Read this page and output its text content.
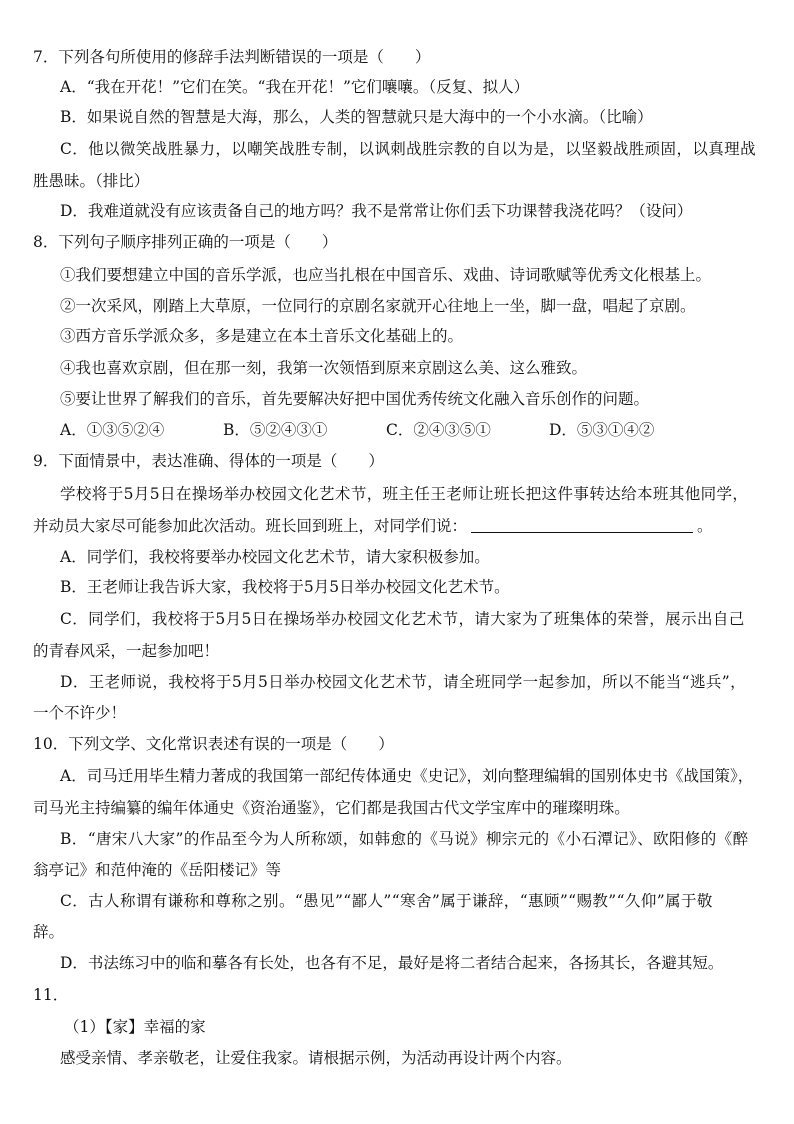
7．下列各句所使用的修辞手法判断错误的一项是（　　）
A．“我在开花！”它们在笑。“我在开花！”它们嚷嚷。（反复、拟人）
B．如果说自然的智慧是大海，那么，人类的智慧就只是大海中的一个小水滴。（比喻）
C．他以微笑战胜暴力，以嘲笑战胜专制，以讽刺战胜宗教的自以为是，以坚毅战胜顽固，以真理战
胜愚昧。（排比）
D．我难道就没有应该责备自己的地方吗？我不是常常让你们丢下功课替我浇花吗？（设问）
8．下列句子顺序排列正确的一项是（　　）
①我们要想建立中国的音乐学派，也应当扎根在中国音乐、戏曲、诗词歌赋等优秀文化根基上。
②一次采风，刚踏上大草原，一位同行的京剧名家就开心往地上一坐，脚一盘，唱起了京剧。
③西方音乐学派众多，多是建立在本土音乐文化基础上的。
④我也喜欢京剧，但在那一刻，我第一次领悟到原来京剧这么美、这么雅致。
⑤要让世界了解我们的音乐，首先要解决好把中国优秀传统文化融入音乐创作的问题。
A．①③⑤②④	B．⑤②④③①	C．②④③⑤①	D．⑤③①④②
9．下面情景中，表达准确、得体的一项是（　　）
学校将于5月5日在操场举办校园文化艺术节，班主任王老师让班长把这件事转达给本班其他同学，
并动员大家尽可能参加此次活动。班长回到班上，对同学们说：	。
A．同学们，我校将要举办校园文化艺术节，请大家积极参加。
B．王老师让我告诉大家，我校将于5月5日举办校园文化艺术节。
C．同学们，我校将于5月5日在操场举办校园文化艺术节，请大家为了班集体的荣誉，展示出自己
的青春风采，一起参加吧！
D．王老师说，我校将于5月5日举办校园文化艺术节，请全班同学一起参加，所以不能当“逃兵”，
一个不许少！
10．下列文学、文化常识表述有误的一项是（　　）
A．司马迁用毕生精力著成的我国第一部纪传体通史《史记》，刘向整理编辑的国别体史书《战国策》，
司马光主持编纂的编年体通史《资治通鉴》，它们都是我国古代文学宝库中的璀璨明珠。
B．“唐宋八大家”的作品至今为人所称颂，如韩愈的《马说》柳宗元的《小石潭记》、欧阳修的《醉
翁亭记》和范仲淹的《岳阳楼记》等
C．古人称谓有谦称和尊称之别。“愚见”“鄙人”“寒舍”属于谦辞，“惠顾”“赐教”“久仰”属于敬
辞。
D．书法练习中的临和摹各有长处，也各有不足，最好是将二者结合起来，各扬其长，各避其短。
11．
（1）【家】幸福的家
感受亲情、孝亲敬老，让爱住我家。请根据示例，为活动再设计两个内容。
